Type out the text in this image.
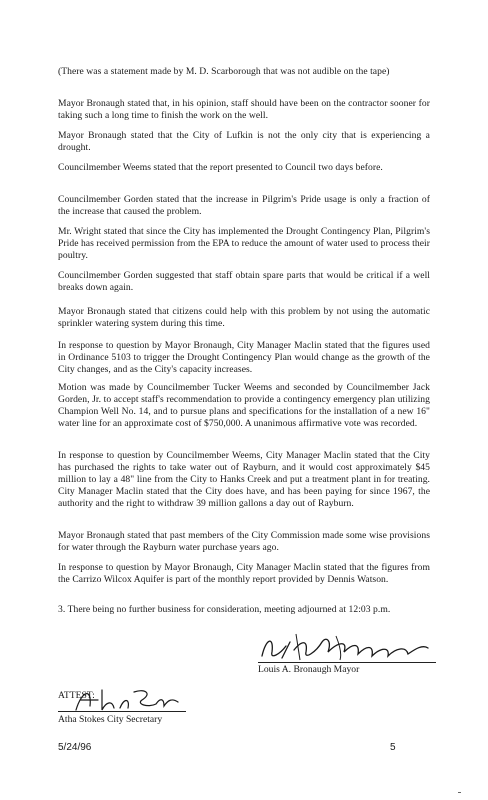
(There was a statement made by M. D. Scarborough that was not audible on the tape)
Mayor Bronaugh stated that, in his opinion, staff should have been on the contractor sooner for taking such a long time to finish the work on the well.
Mayor Bronaugh stated that the City of Lufkin is not the only city that is experiencing a drought.
Councilmember Weems stated that the report presented to Council two days before.
Councilmember Gorden stated that the increase in Pilgrim's Pride usage is only a fraction of the increase that caused the problem.
Mr. Wright stated that since the City has implemented the Drought Contingency Plan, Pilgrim's Pride has received permission from the EPA to reduce the amount of water used to process their poultry.
Councilmember Gorden suggested that staff obtain spare parts that would be critical if a well breaks down again.
Mayor Bronaugh stated that citizens could help with this problem by not using the automatic sprinkler watering system during this time.
In response to question by Mayor Bronaugh, City Manager Maclin stated that the figures used in Ordinance 5103 to trigger the Drought Contingency Plan would change as the growth of the City changes, and as the City's capacity increases.
Motion was made by Councilmember Tucker Weems and seconded by Councilmember Jack Gorden, Jr. to accept staff's recommendation to provide a contingency emergency plan utilizing Champion Well No. 14, and to pursue plans and specifications for the installation of a new 16" water line for an approximate cost of $750,000. A unanimous affirmative vote was recorded.
In response to question by Councilmember Weems, City Manager Maclin stated that the City has purchased the rights to take water out of Rayburn, and it would cost approximately $45 million to lay a 48" line from the City to Hanks Creek and put a treatment plant in for treating. City Manager Maclin stated that the City does have, and has been paying for since 1967, the authority and the right to withdraw 39 million gallons a day out of Rayburn.
Mayor Bronaugh stated that past members of the City Commission made some wise provisions for water through the Rayburn water purchase years ago.
In response to question by Mayor Bronaugh, City Manager Maclin stated that the figures from the Carrizo Wilcox Aquifer is part of the monthly report provided by Dennis Watson.
3. There being no further business for consideration, meeting adjourned at 12:03 p.m.
Louis A. Bronaugh Mayor
ATTEST:
Atha Stokes City Secretary
5/24/96	5
